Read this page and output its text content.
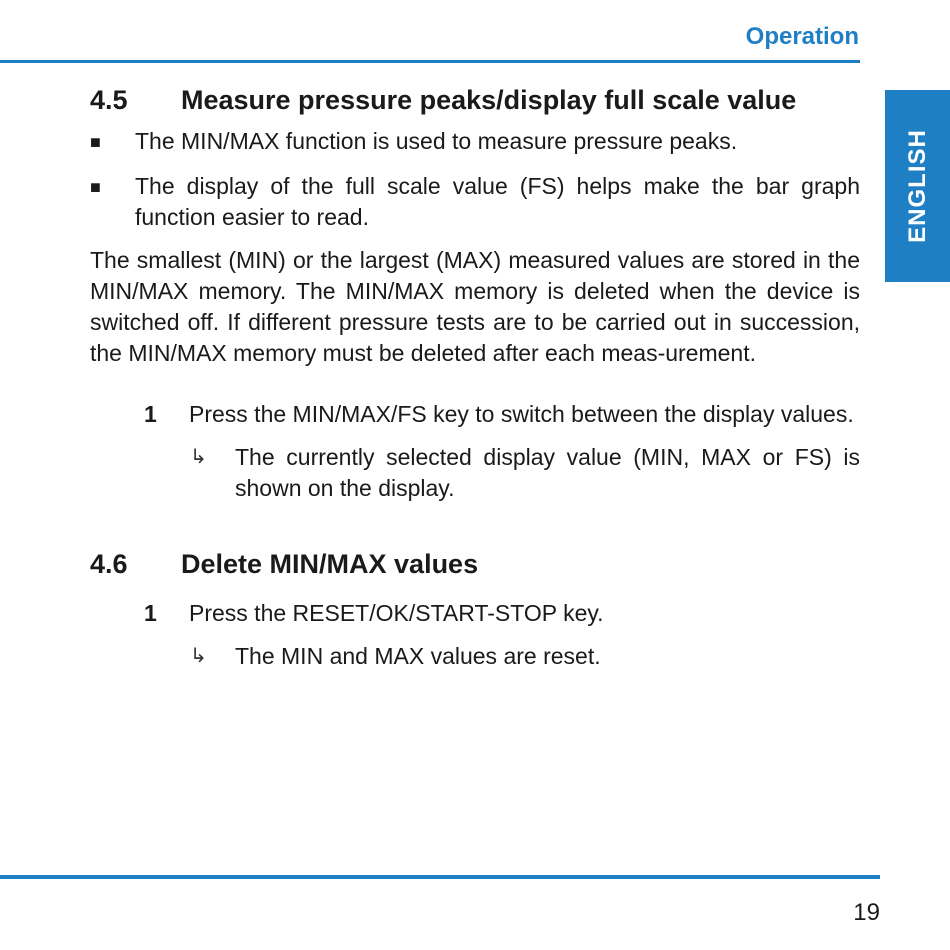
Operation
ENGLISH
4.5	Measure pressure peaks/display full scale value
■	The MIN/MAX function is used to measure pressure peaks.
■	The display of the full scale value (FS) helps make the bar graph function easier to read.

The smallest (MIN) or the largest (MAX) measured values are stored in the MIN/MAX memory. The MIN/MAX memory is deleted when the device is switched off. If different pressure tests are to be carried out in succession, the MIN/MAX memory must be deleted after each meas-urement.

1	Press the MIN/MAX/FS key to switch between the display values.
↳	The currently selected display value (MIN, MAX or FS) is shown on the display.
4.6	Delete MIN/MAX values
1	Press the RESET/OK/START-STOP key.
↳	The MIN and MAX values are reset.
19
